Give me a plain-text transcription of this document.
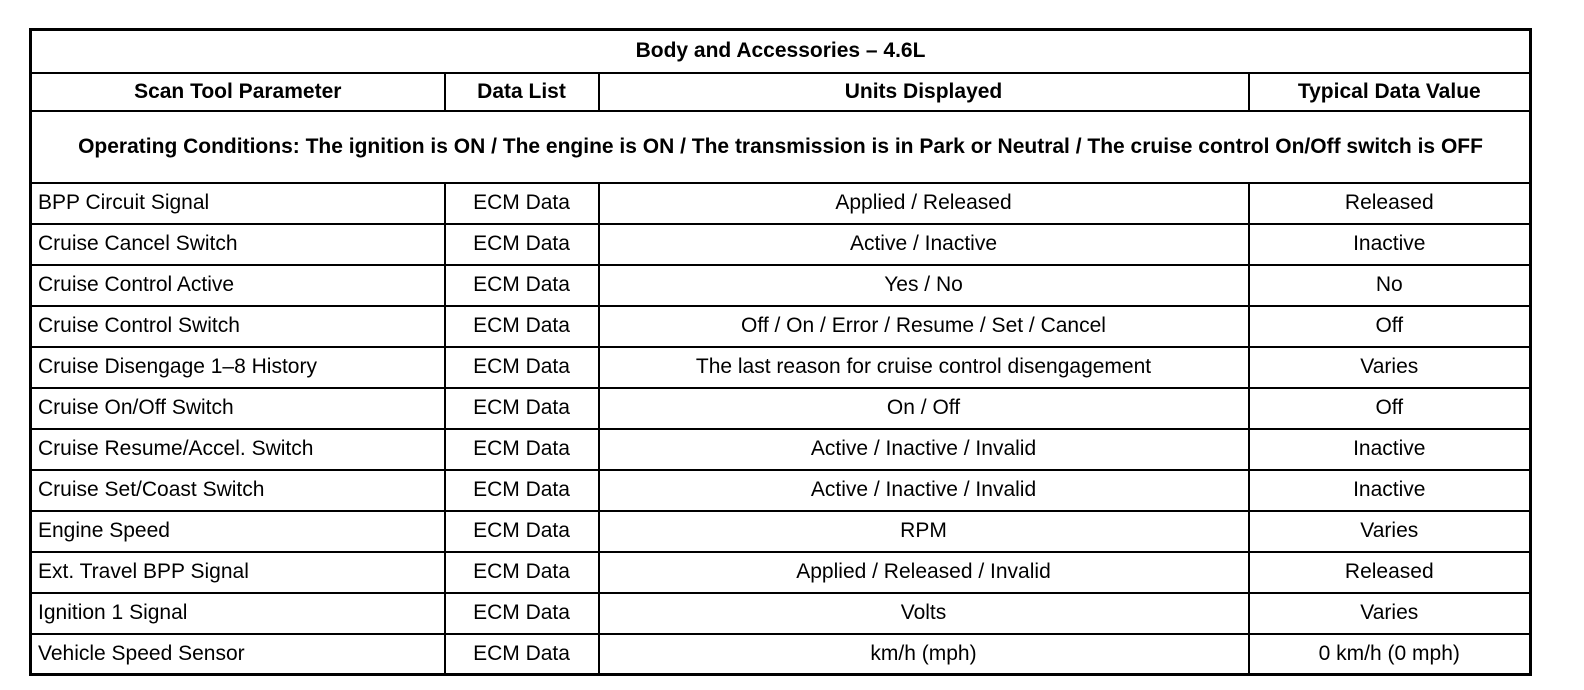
Body and Accessories – 4.6L			
Scan Tool Parameter	Data List	Units Displayed	Typical Data Value
Operating Conditions: The ignition is ON / The engine is ON / The transmission is in Park or Neutral / The cruise control On/Off switch is OFF			
BPP Circuit Signal	ECM Data	Applied / Released	Released
Cruise Cancel Switch	ECM Data	Active / Inactive	Inactive
Cruise Control Active	ECM Data	Yes / No	No
Cruise Control Switch	ECM Data	Off / On / Error / Resume / Set / Cancel	Off
Cruise Disengage 1–8 History	ECM Data	The last reason for cruise control disengagement	Varies
Cruise On/Off Switch	ECM Data	On / Off	Off
Cruise Resume/Accel. Switch	ECM Data	Active / Inactive / Invalid	Inactive
Cruise Set/Coast Switch	ECM Data	Active / Inactive / Invalid	Inactive
Engine Speed	ECM Data	RPM	Varies
Ext. Travel BPP Signal	ECM Data	Applied / Released / Invalid	Released
Ignition 1 Signal	ECM Data	Volts	Varies
Vehicle Speed Sensor	ECM Data	km/h (mph)	0 km/h (0 mph)
